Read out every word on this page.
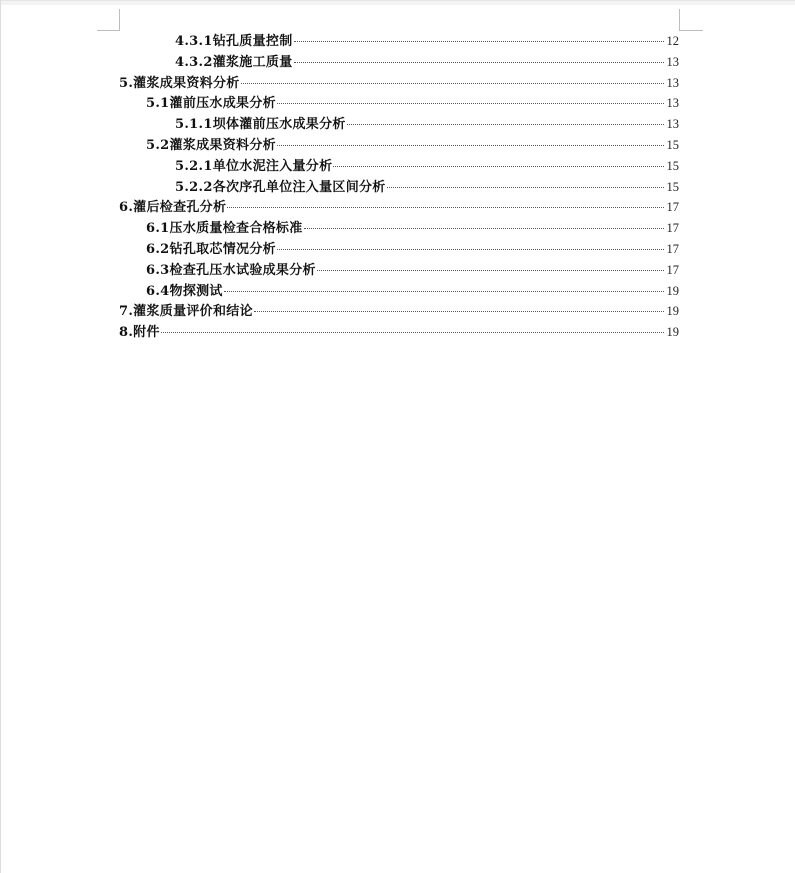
4.3.1钻孔质量控制	12
4.3.2灌浆施工质量	13
5.灌浆成果资料分析	13
5.1灌前压水成果分析	13
5.1.1坝体灌前压水成果分析	13
5.2灌浆成果资料分析	15
5.2.1单位水泥注入量分析	15
5.2.2各次序孔单位注入量区间分析	15
6.灌后检查孔分析	17
6.1压水质量检查合格标准	17
6.2钻孔取芯情况分析	17
6.3检查孔压水试验成果分析	17
6.4物探测试	19
7.灌浆质量评价和结论	19
8.附件	19
